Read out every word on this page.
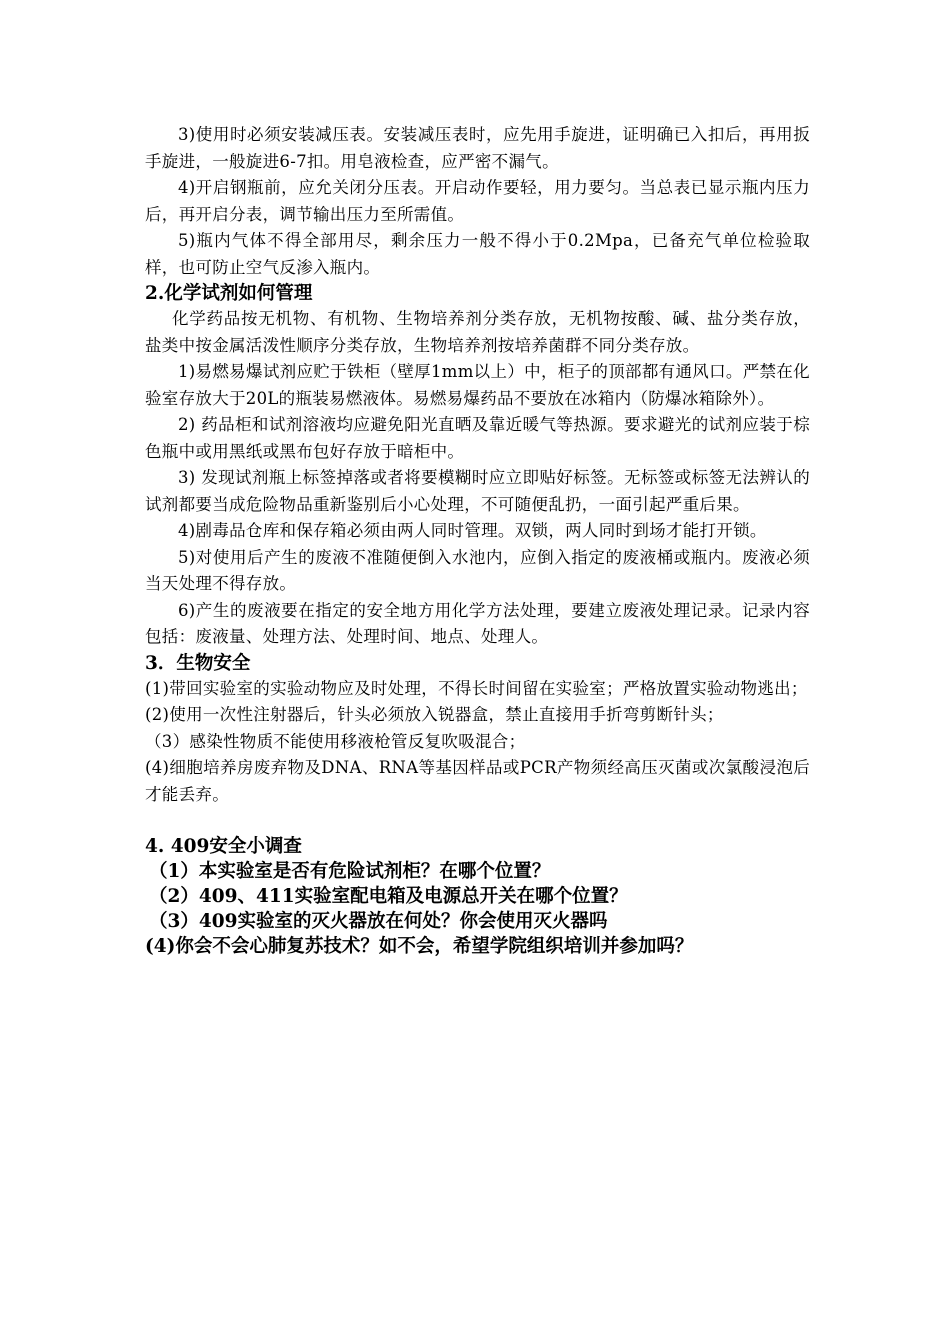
3)使用时必须安装减压表。安装减压表时，应先用手旋进，证明确已入扣后，再用扳手旋进，一般旋进6-7扣。用皂液检查，应严密不漏气。

4)开启钢瓶前，应允关闭分压表。开启动作要轻，用力要匀。当总表已显示瓶内压力后，再开启分表，调节输出压力至所需值。

5)瓶内气体不得全部用尽，剩余压力一般不得小于0.2Mpa，已备充气单位检验取样，也可防止空气反渗入瓶内。

2.化学试剂如何管理

化学药品按无机物、有机物、生物培养剂分类存放，无机物按酸、碱、盐分类存放，盐类中按金属活泼性顺序分类存放，生物培养剂按培养菌群不同分类存放。

1)易燃易爆试剂应贮于铁柜（壁厚1mm以上）中，柜子的顶部都有通风口。严禁在化验室存放大于20L的瓶装易燃液体。易燃易爆药品不要放在冰箱内（防爆冰箱除外）。

2) 药品柜和试剂溶液均应避免阳光直晒及靠近暖气等热源。要求避光的试剂应装于棕色瓶中或用黑纸或黑布包好存放于暗柜中。

3) 发现试剂瓶上标签掉落或者将要模糊时应立即贴好标签。无标签或标签无法辨认的试剂都要当成危险物品重新鉴别后小心处理，不可随便乱扔，一面引起严重后果。

4)剧毒品仓库和保存箱必须由两人同时管理。双锁，两人同时到场才能打开锁。

5)对使用后产生的废液不准随便倒入水池内，应倒入指定的废液桶或瓶内。废液必须当天处理不得存放。

6)产生的废液要在指定的安全地方用化学方法处理，要建立废液处理记录。记录内容包括：废液量、处理方法、处理时间、地点、处理人。

3．生物安全

(1)带回实验室的实验动物应及时处理，不得长时间留在实验室；严格放置实验动物逃出；

(2)使用一次性注射器后，针头必须放入锐器盒，禁止直接用手折弯剪断针头；

（3）感染性物质不能使用移液枪管反复吹吸混合；

(4)细胞培养房废弃物及DNA、RNA等基因样品或PCR产物须经高压灭菌或次氯酸浸泡后才能丢弃。

4. 409安全小调查

（1）本实验室是否有危险试剂柜？在哪个位置？

（2）409、411实验室配电箱及电源总开关在哪个位置？

（3）409实验室的灭火器放在何处？你会使用灭火器吗

(4)你会不会心肺复苏技术？如不会，希望学院组织培训并参加吗？
